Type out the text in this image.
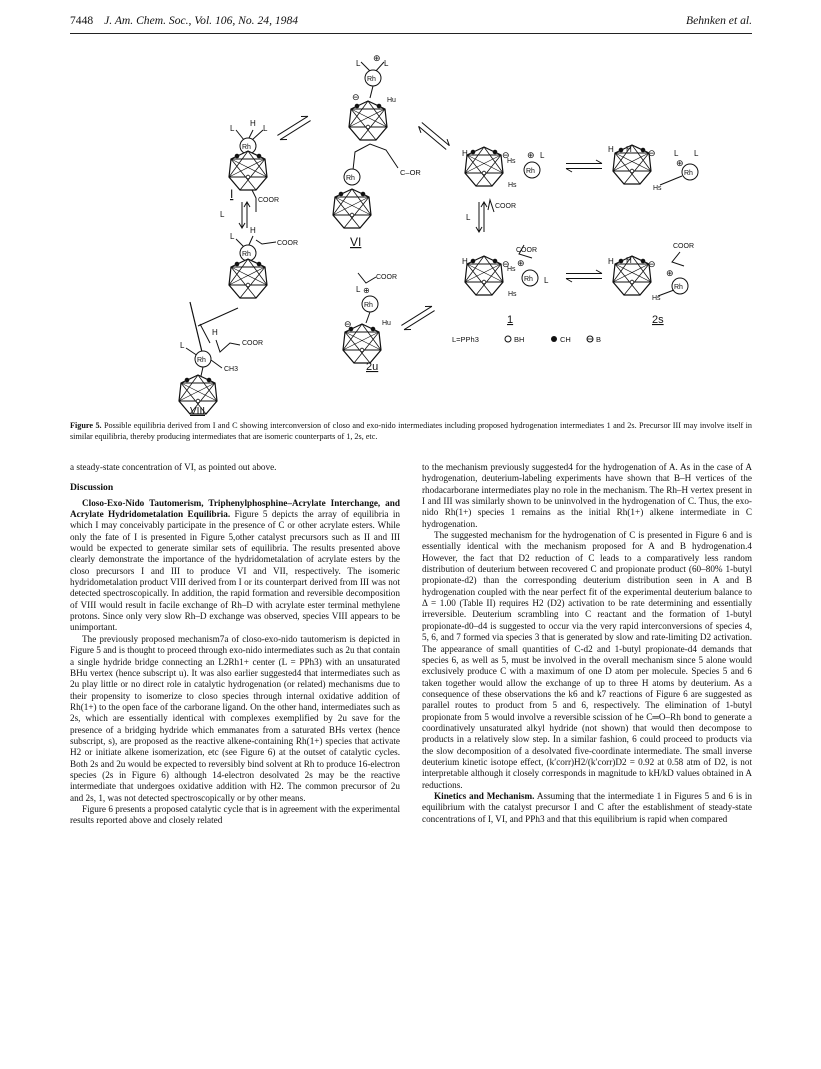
7448 J. Am. Chem. Soc., Vol. 106, No. 24, 1984	Behnken et al.
L	L
⊕
Rh
⊖	Hu
L
H
L
Rh
I
C–OR
Rh
VI
L
COOR
L
H
COOR
Rh
H
COOR
L
Rh
CH3
VIII
COOR
L ⊕
Rh
⊖	Hu
2u
H	⊖
Hs
Rh
⊕ L
Hs
H	⊖
H	L L
Rh
⊕
Hs
L
COOR
COOR
H	⊖
Hs
Rh
⊕
L
Hs
1
COOR
H	⊖
H
⊕
Rh
Hs
2s
L=PPh3	BH	CH	B
Figure 5. Possible equilibria derived from I and C showing interconversion of closo and exo-nido intermediates including proposed hydrogenation intermediates 1 and 2s. Precursor III may involve itself in similar equilibria, thereby producing intermediates that are isomeric counterparts of 1, 2s, etc.

a steady-state concentration of VI, as pointed out above.

Discussion

Closo-Exo-Nido Tautomerism, Triphenylphosphine–Acrylate Interchange, and Acrylate Hydridometalation Equilibria. Figure 5 depicts the array of equilibria in which I may conceivably participate in the presence of C or other acrylate esters. While only the fate of I is presented in Figure 5,other catalyst precursors such as II and III would be expected to generate similar sets of equilibria. The results presented above clearly demonstrate the importance of the hydridometalation of acrylate esters by the closo precursors I and III to produce VI and VII, respectively. The isomeric hydridometalation product VIII derived from I or its counterpart derived from III was not detected spectroscopically. In addition, the rapid formation and reversible decomposition of VIII would result in facile exchange of Rh–D with acrylate ester terminal methylene protons. Since only very slow Rh–D exchange was observed, species VIII appears to be unimportant.

The previously proposed mechanism7a of closo-exo-nido tautomerism is depicted in Figure 5 and is thought to proceed through exo-nido intermediates such as 2u that contain a single hydride bridge connecting an L2Rh1+ center (L = PPh3) with an unsaturated BHu vertex (hence subscript u). It was also earlier suggested4 that intermediates such as 2u play little or no direct role in catalytic hydrogenation (or related) mechanisms due to their propensity to isomerize to closo species through internal oxidative addition of Rh(1+) to the open face of the carborane ligand. On the other hand, intermediates such as 2s, which are essentially identical with complexes exemplified by 2u save for the presence of a bridging hydride which emmanates from a saturated BHs vertex (hence subscript, s), are proposed as the reactive alkene-containing Rh(1+) species that activate H2 or initiate alkene isomerization, etc (see Figure 6) at the outset of catalytic cycles. Both 2s and 2u would be expected to reversibly bind solvent at Rh to produce 16-electron species (2s in Figure 6) although 14-electron desolvated 2s may be the reactive intermediate that undergoes oxidative addition with H2. The common precursor of 2u and 2s, 1, was not detected spectroscopically or by other means.

Figure 6 presents a proposed catalytic cycle that is in agreement with the experimental results reported above and closely related

to the mechanism previously suggested4 for the hydrogenation of A. As in the case of A hydrogenation, deuterium-labeling experiments have shown that B–H vertices of the rhodacarborane intermediates play no role in the mechanism. The Rh–H vertex present in I and III was similarly shown to be uninvolved in the hydrogenation of C. Thus, the exo-nido Rh(1+) species 1 remains as the initial Rh(1+) alkene intermediate in C hydrogenation.

The suggested mechanism for the hydrogenation of C is presented in Figure 6 and is essentially identical with the mechanism proposed for A and B hydrogenation.4 However, the fact that D2 reduction of C leads to a comparatively less random distribution of deuterium between recovered C and propionate product (60–80% 1-butyl propionate-d2) than the corresponding deuterium distribution seen in A and B hydrogenation coupled with the near perfect fit of the experimental deuterium balance to Δ = 1.00 (Table II) requires H2 (D2) activation to be rate determining and essentially irreversible. Deuterium scrambling into C reactant and the formation of 1-butyl propionate-d0–d4 is suggested to occur via the very rapid interconversions of species 4, 5, 6, and 7 formed via species 3 that is generated by slow and rate-limiting D2 activation. The appearance of small quantities of C-d2 and 1-butyl propionate-d4 demands that species 6, as well as 5, must be involved in the overall mechanism since 5 alone would exclusively produce C with a maximum of one D atom per molecule. Species 5 and 6 taken together would allow the exchange of up to three H atoms by deuterium. As a consequence of these observations the k6 and k7 reactions of Figure 6 are suggested as parallel routes to product from 5 and 6, respectively. The elimination of 1-butyl propionate from 5 would involve a reversible scission of he C═O–Rh bond to generate a coordinatively unsaturated alkyl hydride (not shown) that would then decompose to products in a relatively slow step. In a similar fashion, 6 could proceed to products via the slow decomposition of a desolvated five-coordinate intermediate. The small inverse deuterium kinetic isotope effect, (k′corr)H2/(k′corr)D2 = 0.92 at 0.58 atm of D2, is not interpretable although it closely corresponds in magnitude to kH/kD values obtained in A reductions.

Kinetics and Mechanism. Assuming that the intermediate 1 in Figures 5 and 6 is in equilibrium with the catalyst precursor I and C after the establishment of steady-state concentrations of I, VI, and PPh3 and that this equilibrium is rapid when compared
